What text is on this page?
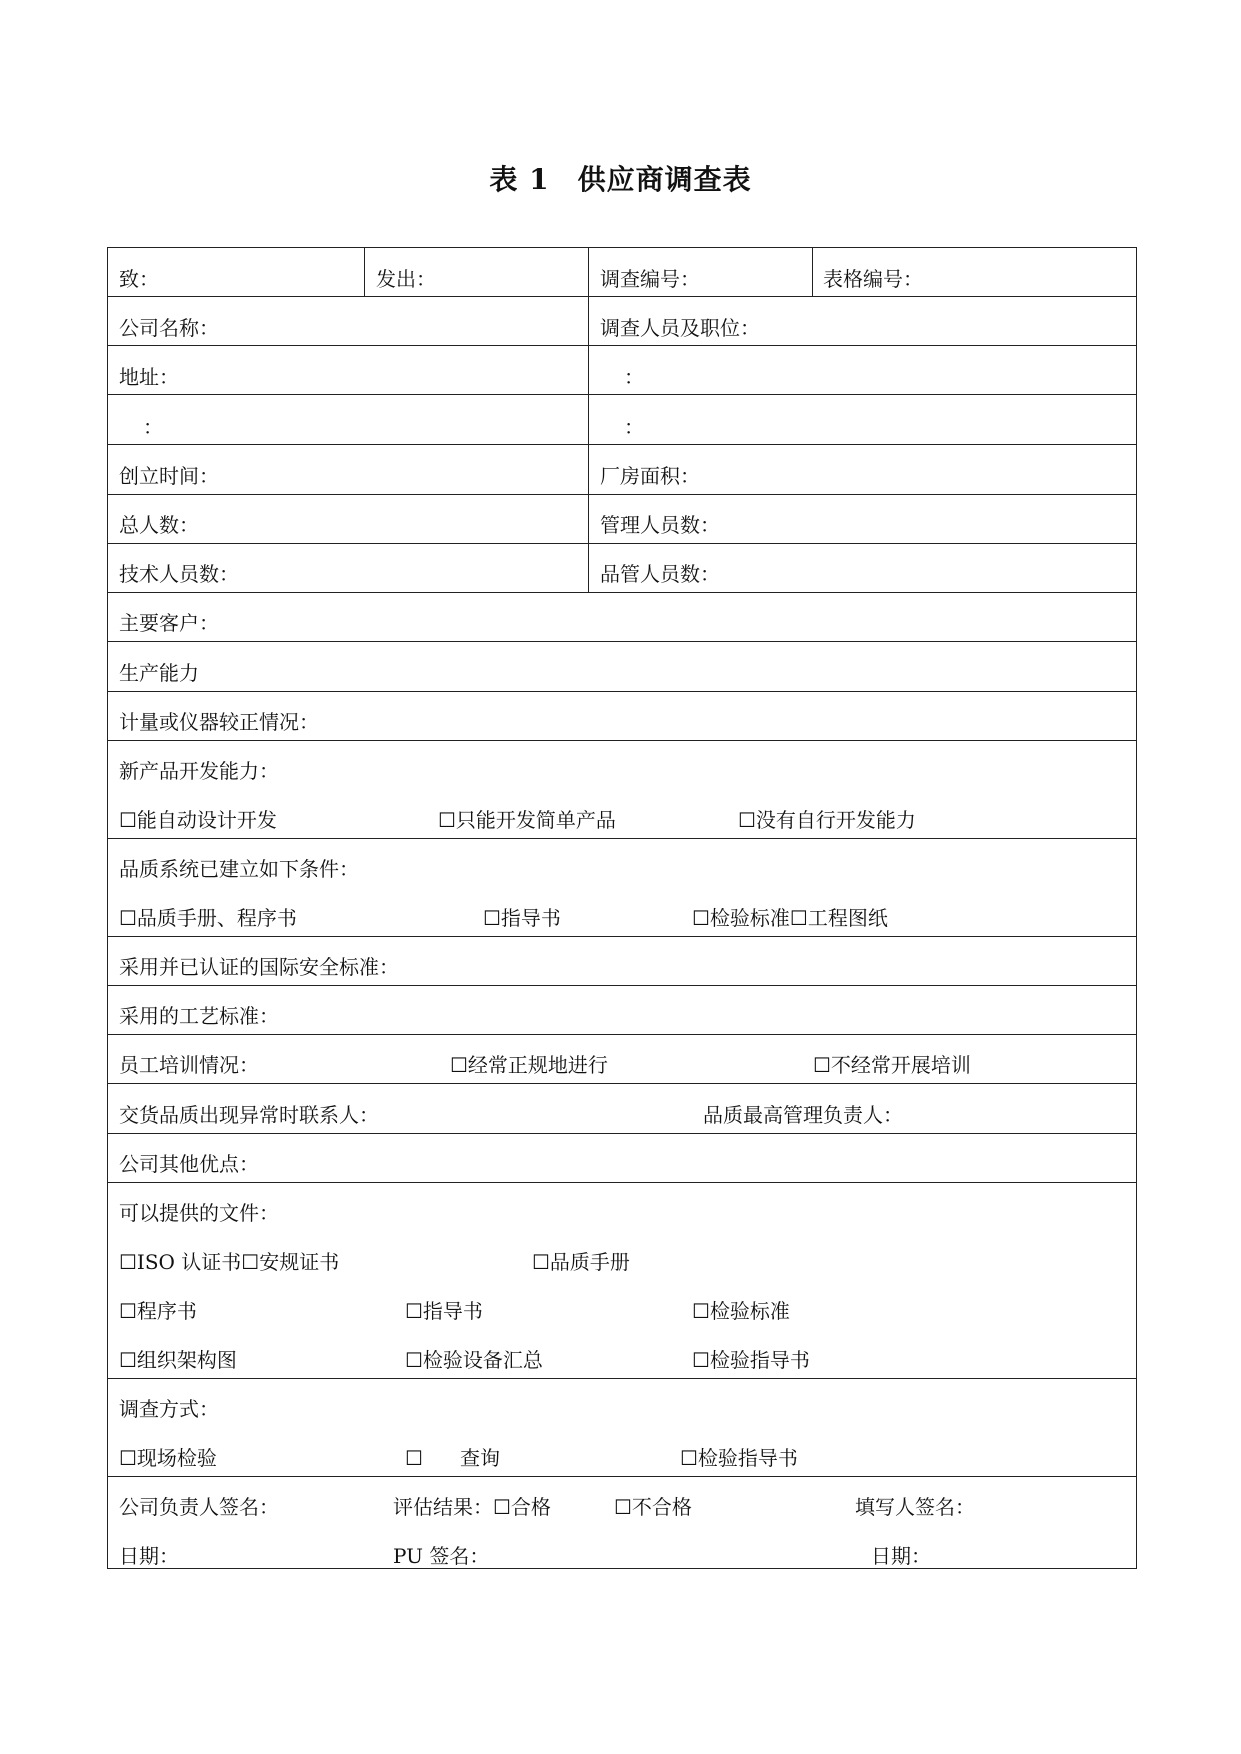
表 1 供应商调查表
致：	发出：	调查编号：	表格编号：
公司名称：	调查人员及职位：
地址：	：
：	：
创立时间：	厂房面积：
总人数：	管理人员数：
技术人员数：	品管人员数：
主要客户：
生产能力
计量或仪器较正情况：
新产品开发能力：
☐能自动设计开发	☐只能开发简单产品	☐没有自行开发能力
品质系统已建立如下条件：
☐品质手册、程序书	☐指导书	☐检验标准☐工程图纸
采用并已认证的国际安全标准：
采用的工艺标准：
员工培训情况：	☐经常正规地进行	☐不经常开展培训
交货品质出现异常时联系人：	品质最高管理负责人：
公司其他优点：
可以提供的文件：
☐ISO 认证书☐安规证书	☐品质手册
☐程序书	☐指导书	☐检验标准
☐组织架构图	☐检验设备汇总	☐检验指导书
调查方式：
☐现场检验	☐ 查询	☐检验指导书
公司负责人签名：	评估结果：☐合格	☐不合格	填写人签名：
日期：	PU 签名：	日期：
